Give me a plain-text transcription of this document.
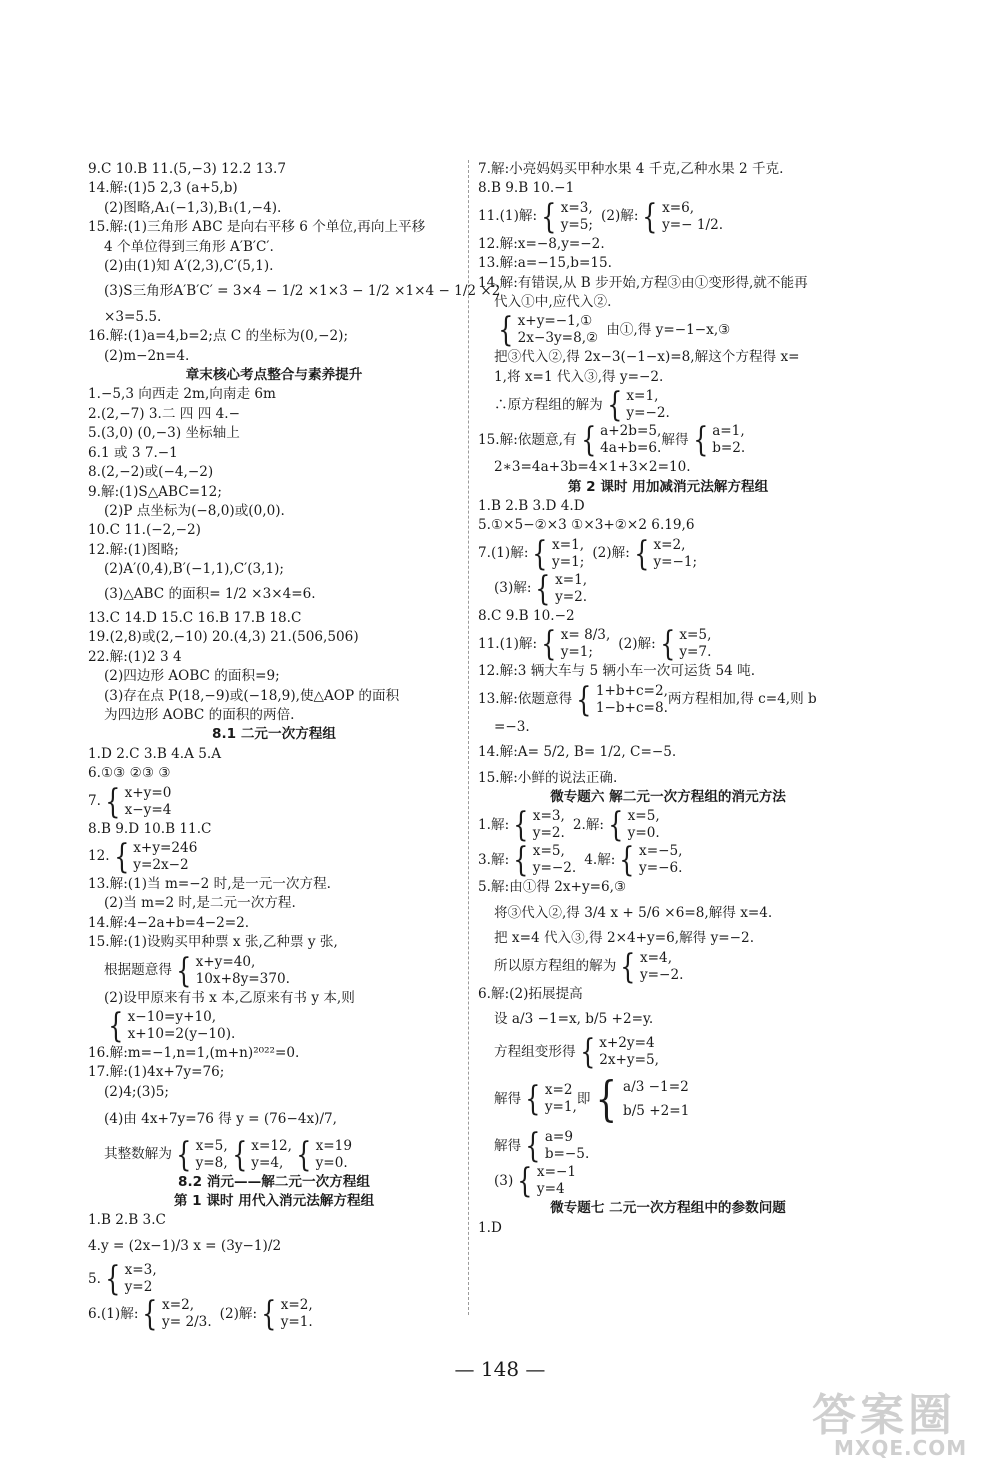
9.C 10.B 11.(5,−3) 12.2 13.7
14.解:(1)5 2,3 (a+5,b)
(2)图略,A₁(−1,3),B₁(1,−4).
15.解:(1)三角形 ABC 是向右平移 6 个单位,再向上平移
4 个单位得到三角形 A′B′C′.
(2)由(1)知 A′(2,3),C′(5,1).
(3)S三角形A′B′C′ = 3×4 − 1/2 ×1×3 − 1/2 ×1×4 − 1/2 ×2
×3=5.5.
16.解:(1)a=4,b=2;点 C 的坐标为(0,−2);
(2)m−2n=4.
章末核心考点整合与素养提升
1.−5,3 向西走 2m,向南走 6m
2.(2,−7) 3.二 四 四 4.−
5.(3,0) (0,−3) 坐标轴上
6.1 或 3 7.−1
8.(2,−2)或(−4,−2)
9.解:(1)S△ABC=12;
(2)P 点坐标为(−8,0)或(0,0).
10.C 11.(−2,−2)
12.解:(1)图略;
(2)A′(0,4),B′(−1,1),C′(3,1);
(3)△ABC 的面积= 1/2 ×3×4=6.
13.C 14.D 15.C 16.B 17.B 18.C
19.(2,8)或(2,−10) 20.(4,3) 21.(506,506)
22.解:(1)2 3 4
(2)四边形 AOBC 的面积=9;
(3)存在点 P(18,−9)或(−18,9),使△AOP 的面积
为四边形 AOBC 的面积的两倍.
8.1 二元一次方程组
1.D 2.C 3.B 4.A 5.A
6.①③ ②③ ③
7. { x+y=0
x−y=4
8.B 9.D 10.B 11.C
12. { x+y=246
y=2x−2
13.解:(1)当 m=−2 时,是一元一次方程.
(2)当 m=2 时,是二元一次方程.
14.解:4−2a+b=4−2=2.
15.解:(1)设购买甲种票 x 张,乙种票 y 张,
根据题意得 { x+y=40,
10x+8y=370.
(2)设甲原来有书 x 本,乙原来有书 y 本,则
{ x−10=y+10,
x+10=2(y−10).
16.解:m=−1,n=1,(m+n)²⁰²²=0.
17.解:(1)4x+7y=76;
(2)4;(3)5;
(4)由 4x+7y=76 得 y = (76−4x)/7,
其整数解为 { x=5,
y=8, { x=12,
y=4, { x=19
y=0.
8.2 消元——解二元一次方程组
第 1 课时 用代入消元法解方程组
1.B 2.B 3.C
4.y = (2x−1)/3 x = (3y−1)/2
5. { x=3,
y=2
6.(1)解: { x=2,
y= 2/3.
(2)解: { x=2,
y=1.
7.解:小亮妈妈买甲种水果 4 千克,乙种水果 2 千克.
8.B 9.B 10.−1
11.(1)解: { x=3,
y=5;
(2)解: { x=6,
y=− 1/2.
12.解:x=−8,y=−2.
13.解:a=−15,b=15.
14.解:有错误,从 B 步开始,方程③由①变形得,就不能再
代入①中,应代入②.
{ x+y=−1,①
2x−3y=8,②
由①,得 y=−1−x,③
把③代入②,得 2x−3(−1−x)=8,解这个方程得 x=
1,将 x=1 代入③,得 y=−2.
∴原方程组的解为 { x=1,
y=−2.
15.解:依题意,有 { a+2b=5,
4a+b=6.
解得 { a=1,
b=2.
2∗3=4a+3b=4×1+3×2=10.
第 2 课时 用加减消元法解方程组
1.B 2.B 3.D 4.D
5.①×5−②×3 ①×3+②×2 6.19,6
7.(1)解: { x=1,
y=1;
(2)解: { x=2,
y=−1;
(3)解: { x=1,
y=2.
8.C 9.B 10.−2
11.(1)解: { x= 8/3,
y=1;
(2)解: { x=5,
y=7.
12.解:3 辆大车与 5 辆小车一次可运货 54 吨.
13.解:依题意得 { 1+b+c=2,
1−b+c=8.
两方程相加,得 c=4,则 b
=−3.
14.解:A= 5/2, B= 1/2, C=−5.
15.解:小鲜的说法正确.
微专题六 解二元一次方程组的消元方法
1.解: { x=3,
y=2.
2.解: { x=5,
y=0.
3.解: { x=5,
y=−2.
4.解: { x=−5,
y=−6.
5.解:由①得 2x+y=6,③
将③代入②,得 3/4 x + 5/6 ×6=8,解得 x=4.
把 x=4 代入③,得 2×4+y=6,解得 y=−2.
所以原方程组的解为 { x=4,
y=−2.
6.解:(2)拓展提高
设 a/3 −1=x, b/5 +2=y.
方程组变形得 { x+2y=4
2x+y=5,
解得 { x=2
y=1,
即 { a/3 −1=2
b/5 +2=1
解得 { a=9
b=−5.
(3) { x=−1
y=4
微专题七 二元一次方程组中的参数问题
1.D
— 148 —
答案圈
MXQE.COM
